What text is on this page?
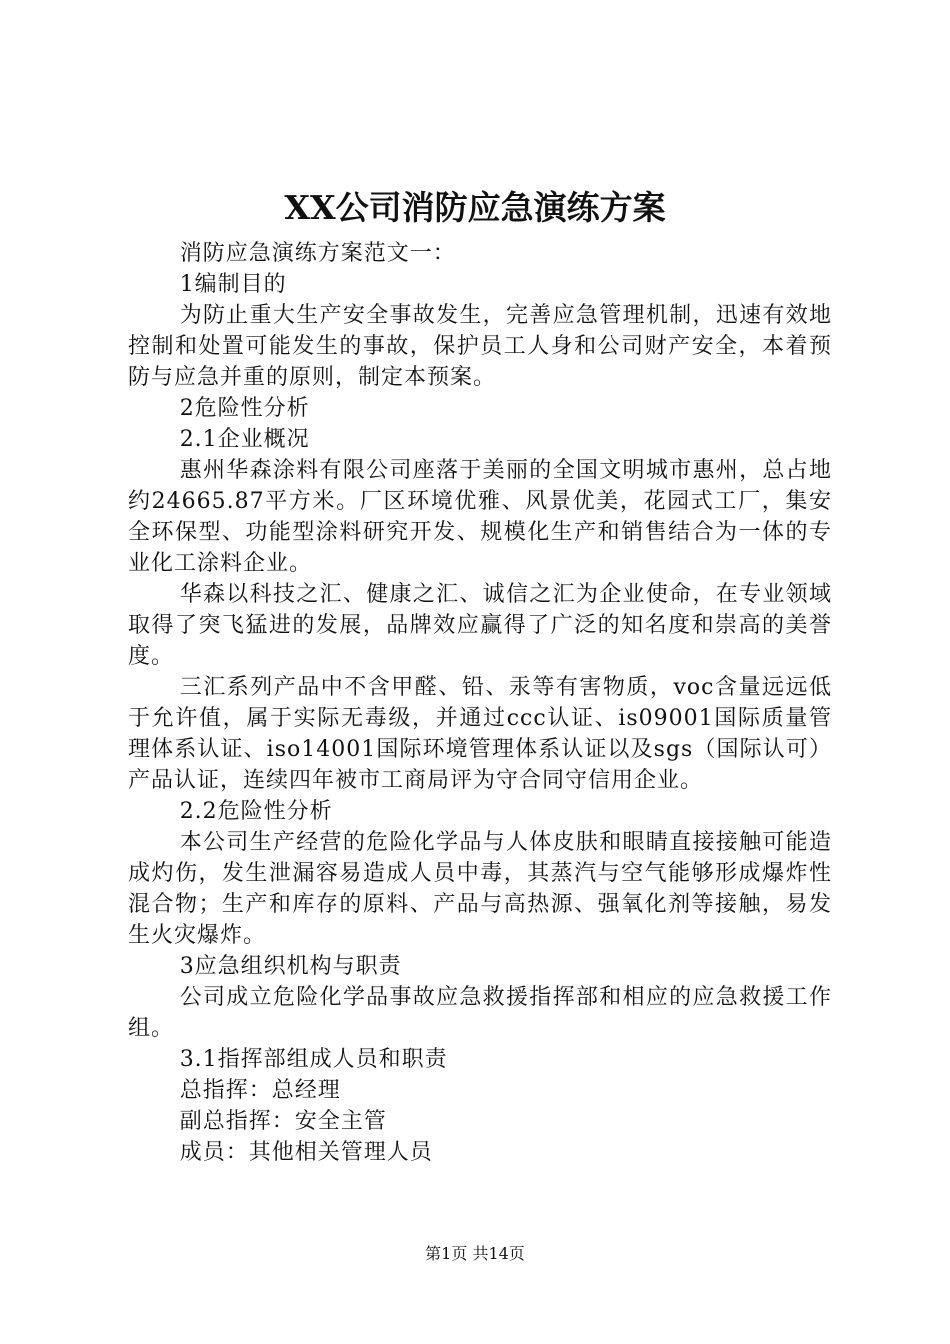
XX公司消防应急演练方案

消防应急演练方案范文一：

1编制目的

为防止重大生产安全事故发生，完善应急管理机制，迅速有效地控制和处置可能发生的事故，保护员工人身和公司财产安全，本着预防与应急并重的原则，制定本预案。

2危险性分析

2.1企业概况

惠州华森涂料有限公司座落于美丽的全国文明城市惠州，总占地约24665.87平方米。厂区环境优雅、风景优美，花园式工厂，集安全环保型、功能型涂料研究开发、规模化生产和销售结合为一体的专业化工涂料企业。

华森以科技之汇、健康之汇、诚信之汇为企业使命，在专业领域取得了突飞猛进的发展，品牌效应赢得了广泛的知名度和崇高的美誉度。

三汇系列产品中不含甲醛、铅、汞等有害物质，voc含量远远低于允许值，属于实际无毒级，并通过ccc认证、is09001国际质量管理体系认证、iso14001国际环境管理体系认证以及sgs（国际认可）产品认证，连续四年被市工商局评为守合同守信用企业。

2.2危险性分析

本公司生产经营的危险化学品与人体皮肤和眼睛直接接触可能造成灼伤，发生泄漏容易造成人员中毒，其蒸汽与空气能够形成爆炸性混合物；生产和库存的原料、产品与高热源、强氧化剂等接触，易发生火灾爆炸。

3应急组织机构与职责

公司成立危险化学品事故应急救援指挥部和相应的应急救援工作组。

3.1指挥部组成人员和职责

总指挥：总经理

副总指挥：安全主管

成员：其他相关管理人员

第1页 共14页
